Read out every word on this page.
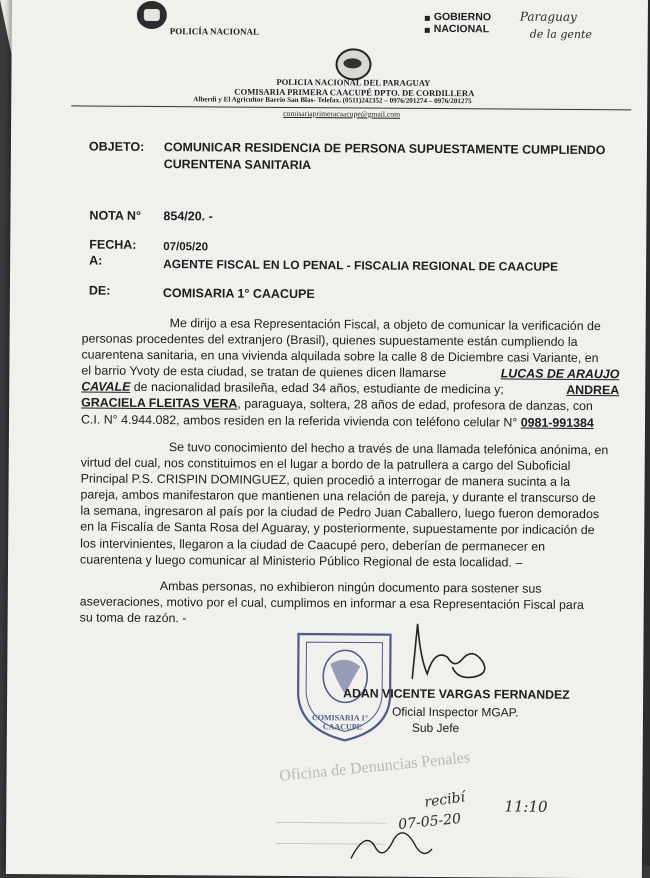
POLICÍA NACIONAL
GOBIERNO
NACIONAL
Paraguay
de la gente
POLICIA NACIONAL DEL PARAGUAY
COMISARIA PRIMERA CAACUPÉ DPTO. DE CORDILLERA
Alberdi y El Agricultor Barrio San Blas- Telefax. (0511)242352 – 0976/201274 – 0976/201275
comisariaprimeracaacupe@gmail.com
OBJETO: COMUNICAR RESIDENCIA DE PERSONA SUPUESTAMENTE CUMPLIENDO
CURENTENA SANITARIA
NOTA N° 854/20. -
FECHA: 07/05/20
A:	AGENTE FISCAL EN LO PENAL - FISCALIA REGIONAL DE CAACUPE
DE:	COMISARIA 1° CAACUPE
Me dirijo a esa Representación Fiscal, a objeto de comunicar la verificación de
personas procedentes del extranjero (Brasil), quienes supuestamente están cumpliendo la
cuarentena sanitaria, en una vivienda alquilada sobre la calle 8 de Diciembre casi Variante, en
el barrio Yvoty de esta ciudad, se tratan de quienes dicen llamarse	LUCAS DE ARAUJO
CAVALE de nacionalidad brasileña, edad 34 años, estudiante de medicina y;	ANDREA
GRACIELA FLEITAS VERA, paraguaya, soltera, 28 años de edad, profesora de danzas, con
C.I. N° 4.944.082, ambos residen en la referida vivienda con teléfono celular N° 0981-991384
Se tuvo conocimiento del hecho a través de una llamada telefónica anónima, en
virtud del cual, nos constituimos en el lugar a bordo de la patrullera a cargo del Suboficial
Principal P.S. CRISPIN DOMINGUEZ, quien procedió a interrogar de manera sucinta a la
pareja, ambos manifestaron que mantienen una relación de pareja, y durante el transcurso de
la semana, ingresaron al país por la ciudad de Pedro Juan Caballero, luego fueron demorados
en la Fiscalía de Santa Rosa del Aguaray, y posteriormente, supuestamente por indicación de
los intervinientes, llegaron a la ciudad de Caacupé pero, deberían de permanecer en
cuarentena y luego comunicar al Ministerio Público Regional de esta localidad. –
Ambas personas, no exhibieron ningún documento para sostener sus
aseveraciones, motivo por el cual, cumplimos en informar a esa Representación Fiscal para
su toma de razón. -
COMISARIA 1°
CAACUPE
ADAN VICENTE VARGAS FERNANDEZ
Oficial Inspector MGAP.
Sub Jefe
Oficina de Denuncias Penales
recibí
07-05-20
11:10
